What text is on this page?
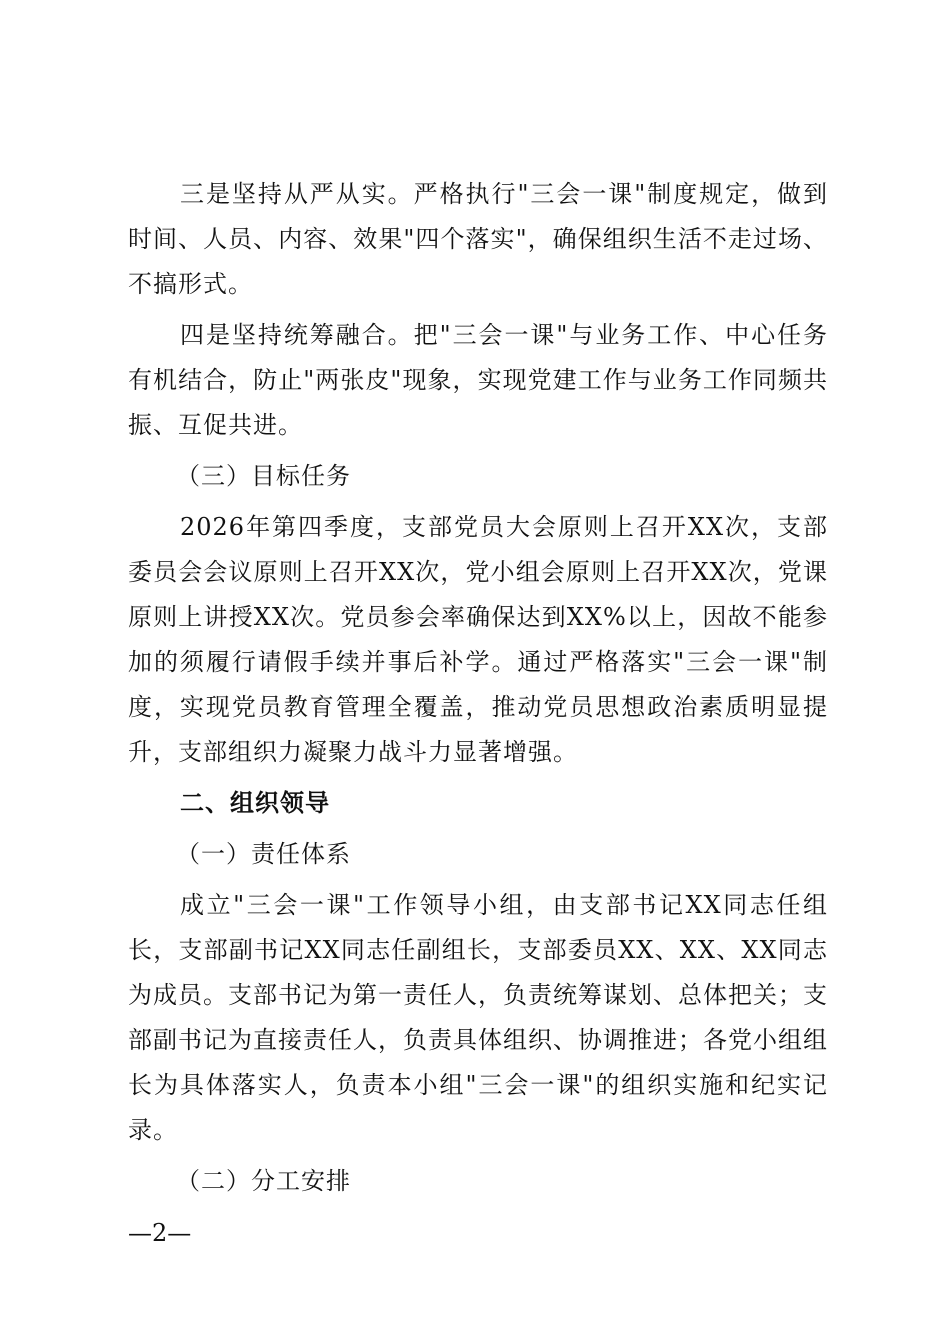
三是坚持从严从实。严格执行"三会一课"制度规定，做到时间、人员、内容、效果"四个落实"，确保组织生活不走过场、不搞形式。

四是坚持统筹融合。把"三会一课"与业务工作、中心任务有机结合，防止"两张皮"现象，实现党建工作与业务工作同频共振、互促共进。

（三）目标任务

2026年第四季度，支部党员大会原则上召开XX次，支部委员会会议原则上召开XX次，党小组会原则上召开XX次，党课原则上讲授XX次。党员参会率确保达到XX%以上，因故不能参加的须履行请假手续并事后补学。通过严格落实"三会一课"制度，实现党员教育管理全覆盖，推动党员思想政治素质明显提升，支部组织力凝聚力战斗力显著增强。

二、组织领导

（一）责任体系

成立"三会一课"工作领导小组，由支部书记XX同志任组长，支部副书记XX同志任副组长，支部委员XX、XX、XX同志为成员。支部书记为第一责任人，负责统筹谋划、总体把关；支部副书记为直接责任人，负责具体组织、协调推进；各党小组组长为具体落实人，负责本小组"三会一课"的组织实施和纪实记录。

（二）分工安排

—2—
